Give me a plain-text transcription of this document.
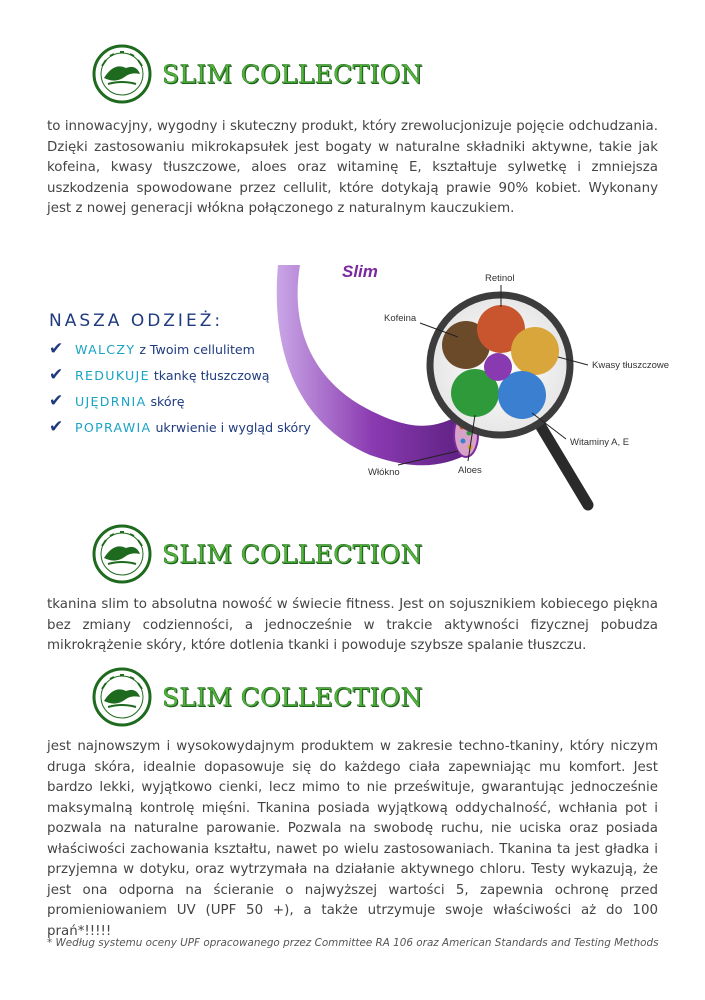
SLIM COLLECTION
to innowacyjny, wygodny i skuteczny produkt, który zrewolucjonizuje pojęcie odchudzania. Dzięki zastosowaniu mikrokapsułek jest bogaty w naturalne składniki aktywne, takie jak kofeina, kwasy tłuszczowe, aloes oraz witaminę E, kształtuje sylwetkę i zmniejsza uszkodzenia spowodowane przez cellulit, które dotykają prawie 90% kobiet. Wykonany jest z nowej generacji włókna połączonego z naturalnym kauczukiem.
NASZA ODZIEŻ:
✔ WALCZY z Twoim cellulitem
✔ REDUKUJE tkankę tłuszczową
✔ UJĘDRNIA skórę
✔ POPRAWIA ukrwienie i wygląd skóry
Slim	Retinol
Kofeina
Kwasy tłuszczowe
Witaminy A, E
Aloes
Włókno
SLIM COLLECTION
tkanina slim to absolutna nowość w świecie fitness. Jest on sojusznikiem kobiecego piękna bez zmiany codzienności, a jednocześnie w trakcie aktywności fizycznej pobudza mikrokrążenie skóry, które dotlenia tkanki i powoduje szybsze spalanie tłuszczu.
SLIM COLLECTION
jest najnowszym i wysokowydajnym produktem w zakresie techno-tkaniny, który niczym druga skóra, idealnie dopasowuje się do każdego ciała zapewniając mu komfort. Jest bardzo lekki, wyjątkowo cienki, lecz mimo to nie prześwituje, gwarantując jednocześnie maksymalną kontrolę mięśni. Tkanina posiada wyjątkową oddychalność, wchłania pot i pozwala na naturalne parowanie. Pozwala na swobodę ruchu, nie uciska oraz posiada właściwości zachowania kształtu, nawet po wielu zastosowaniach. Tkanina ta jest gładka i przyjemna w dotyku, oraz wytrzymała na działanie aktywnego chloru. Testy wykazują, że jest ona odporna na ścieranie o najwyższej wartości 5, zapewnia ochronę przed promieniowaniem UV (UPF 50 +), a także utrzymuje swoje właściwości aż do 100 prań*!!!!!
* Według systemu oceny UPF opracowanego przez Committee RA 106 oraz American Standards and Testing Methods
